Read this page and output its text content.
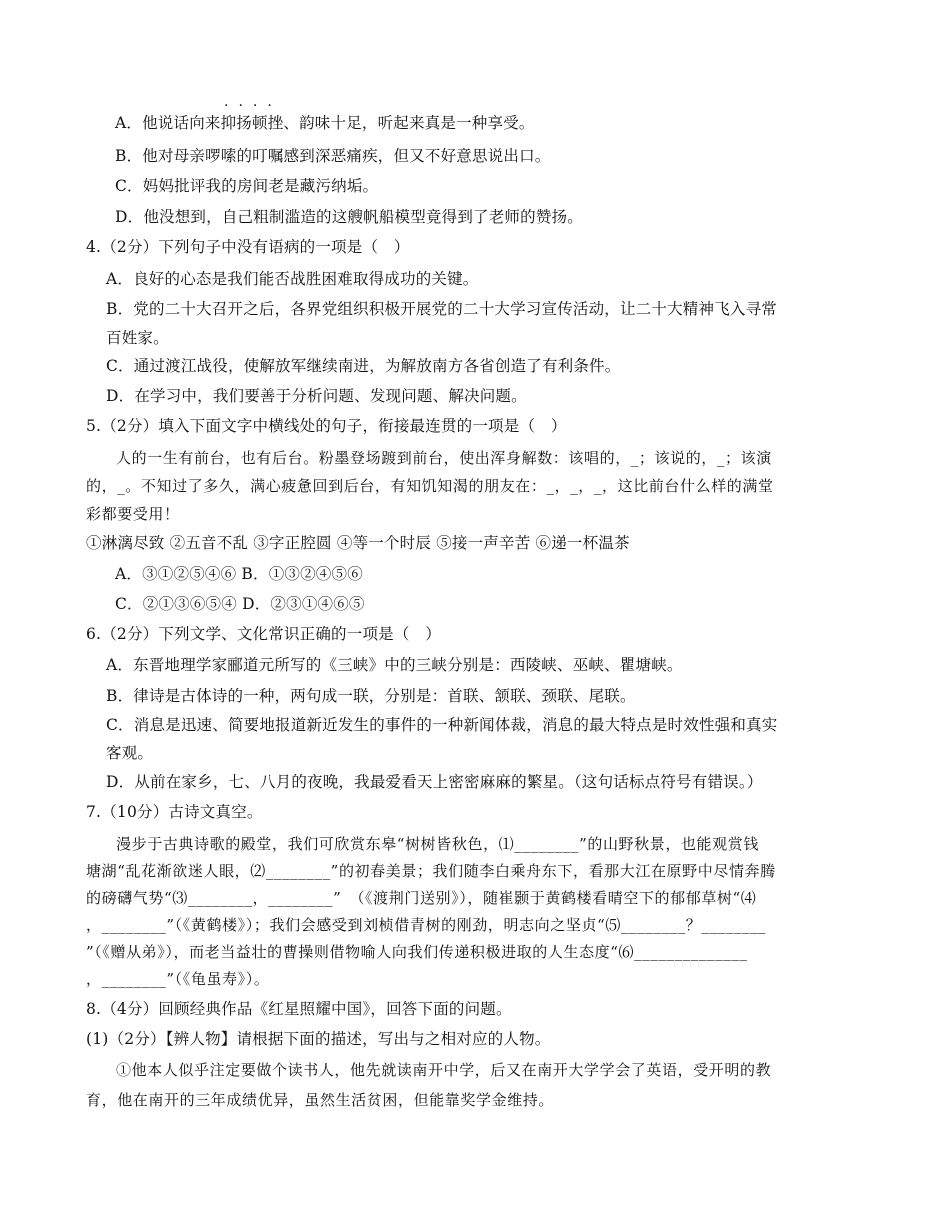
····
A．他说话向来抑扬顿挫、韵味十足，听起来真是一种享受。
B．他对母亲啰嗦的叮嘱感到深恶痛疾，但又不好意思说出口。
C．妈妈批评我的房间老是藏污纳垢。
D．他没想到，自己粗制滥造的这艘帆船模型竟得到了老师的赞扬。
4.（2分）下列句子中没有语病的一项是（　）
A．良好的心态是我们能否战胜困难取得成功的关键。
B．党的二十大召开之后，各界党组织积极开展党的二十大学习宣传活动，让二十大精神飞入寻常
百姓家。
C．通过渡江战役，使解放军继续南进，为解放南方各省创造了有利条件。
D．在学习中，我们要善于分析问题、发现问题、解决问题。
5.（2分）填入下面文字中横线处的句子，衔接最连贯的一项是（　）
人的一生有前台，也有后台。粉墨登场踱到前台，使出浑身解数：该唱的，_；该说的，_；该演
的，_。不知过了多久，满心疲惫回到后台，有知饥知渴的朋友在：_，_，_，这比前台什么样的满堂
彩都要受用！
①淋漓尽致 ②五音不乱 ③字正腔圆 ④等一个时辰 ⑤接一声辛苦 ⑥递一杯温茶
A．③①②⑤④⑥ B．①③②④⑤⑥
C．②①③⑥⑤④ D．②③①④⑥⑤
6.（2分）下列文学、文化常识正确的一项是（　）
A．东晋地理学家郦道元所写的《三峡》中的三峡分别是：西陵峡、巫峡、瞿塘峡。
B．律诗是古体诗的一种，两句成一联，分别是：首联、颔联、颈联、尾联。
C．消息是迅速、简要地报道新近发生的事件的一种新闻体裁，消息的最大特点是时效性强和真实
客观。
D．从前在家乡，七、八月的夜晚，我最爱看天上密密麻麻的繁星。（这句话标点符号有错误。）
7.（10分）古诗文真空。
漫步于古典诗歌的殿堂，我们可欣赏东皋“树树皆秋色，⑴________”的山野秋景，也能观赏钱
塘湖“乱花渐欲迷人眼，⑵________”的初春美景；我们随李白乘舟东下，看那大江在原野中尽情奔腾
的磅礴气势“⑶________，________”　（《渡荆门送别》），随崔颢于黄鹤楼看晴空下的郁郁草树“⑷
，________”（《黄鹤楼》）；我们会感受到刘桢借青树的刚劲，明志向之坚贞“⑸________？________
”（《赠从弟》），而老当益壮的曹操则借物喻人向我们传递积极进取的人生态度“⑹______________
，________”（《龟虽寿》）。
8.（4分）回顾经典作品《红星照耀中国》，回答下面的问题。
(1)（2分）【辨人物】请根据下面的描述，写出与之相对应的人物。
①他本人似乎注定要做个读书人，他先就读南开中学，后又在南开大学学会了英语，受开明的教
育，他在南开的三年成绩优异，虽然生活贫困，但能靠奖学金维持。
